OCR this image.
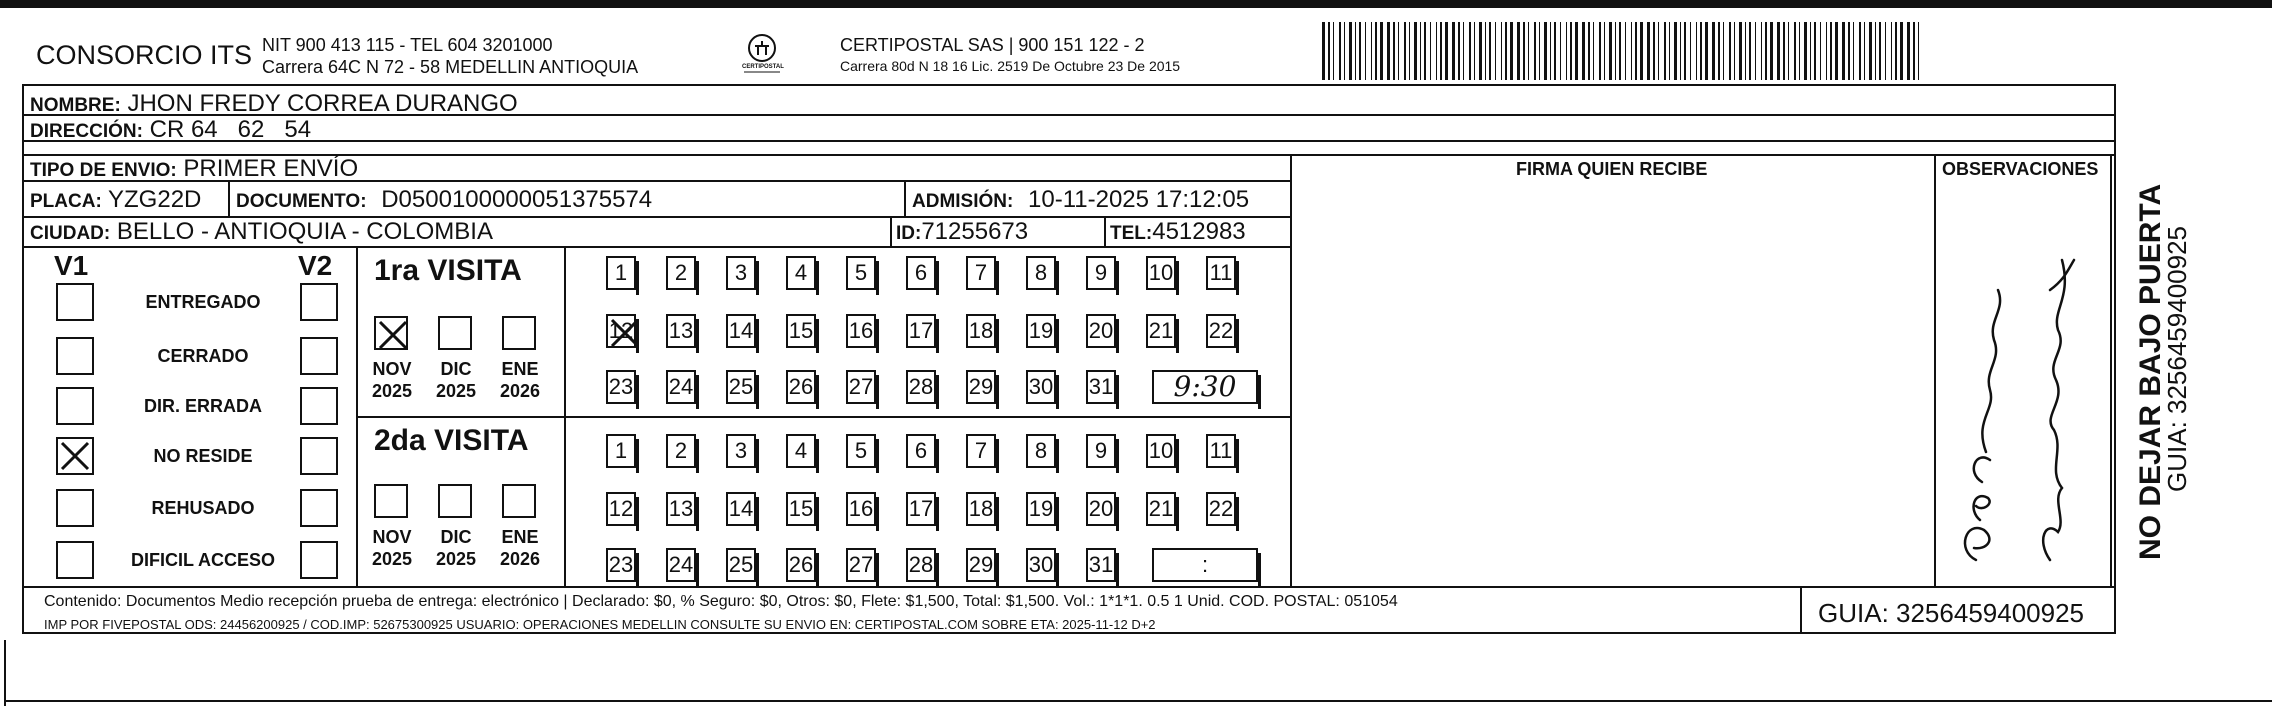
CONSORCIO ITS NIT 900 413 115 - TEL 604 3201000
Carrera 64C N 72 - 58 MEDELLIN ANTIOQUIA	CERTIPOSTAL
CERTIPOSTAL SAS | 900 151 122 - 2
Carrera 80d N 18 16 Lic. 2519 De Octubre 23 De 2015
NOMBRE: JHON FREDY CORREA DURANGO
DIRECCIÓN: CR 64   62   54
TIPO DE ENVIO: PRIMER ENVÍO	FIRMA QUIEN RECIBE	OBSERVACIONES
PLACA: YZG22D DOCUMENTO: D0500100000051375574	ADMISIÓN: 10-11-2025 17:12:05
CIUDAD: BELLO - ANTIOQUIA - COLOMBIA	ID:71255673	TEL:4512983
V1	V2
ENTREGADO
CERRADO
DIR. ERRADA
NO RESIDE
REHUSADO
DIFICIL ACCESO
1ra VISITA
NOV
2025
DIC
2025
ENE
2026
1	2	3	4	5	6	7	8	9	10 11
12 13 14 15 16 17 18 19 20 21 22
23 24 25 26 27 28 29 30 31	9:30
2da VISITA
NOV
2025
DIC
2025
ENE
2026
1	2	3	4	5	6	7	8	9	10 11
12 13 14 15 16 17 18 19 20 21 22
23 24 25 26 27 28 29 30 31	:
Contenido: Documentos Medio recepción prueba de entrega: electrónico | Declarado: $0, % Seguro: $0, Otros: $0, Flete: $1,500, Total: $1,500. Vol.: 1*1*1. 0.5 1 Unid. COD. POSTAL: 051054
IMP POR FIVEPOSTAL ODS: 24456200925 / COD.IMP: 52675300925 USUARIO: OPERACIONES MEDELLIN CONSULTE SU ENVIO EN: CERTIPOSTAL.COM SOBRE ETA: 2025-11-12 D+2	GUIA: 3256459400925
NO DEJAR BAJO PUERTA
GUIA: 3256459400925
